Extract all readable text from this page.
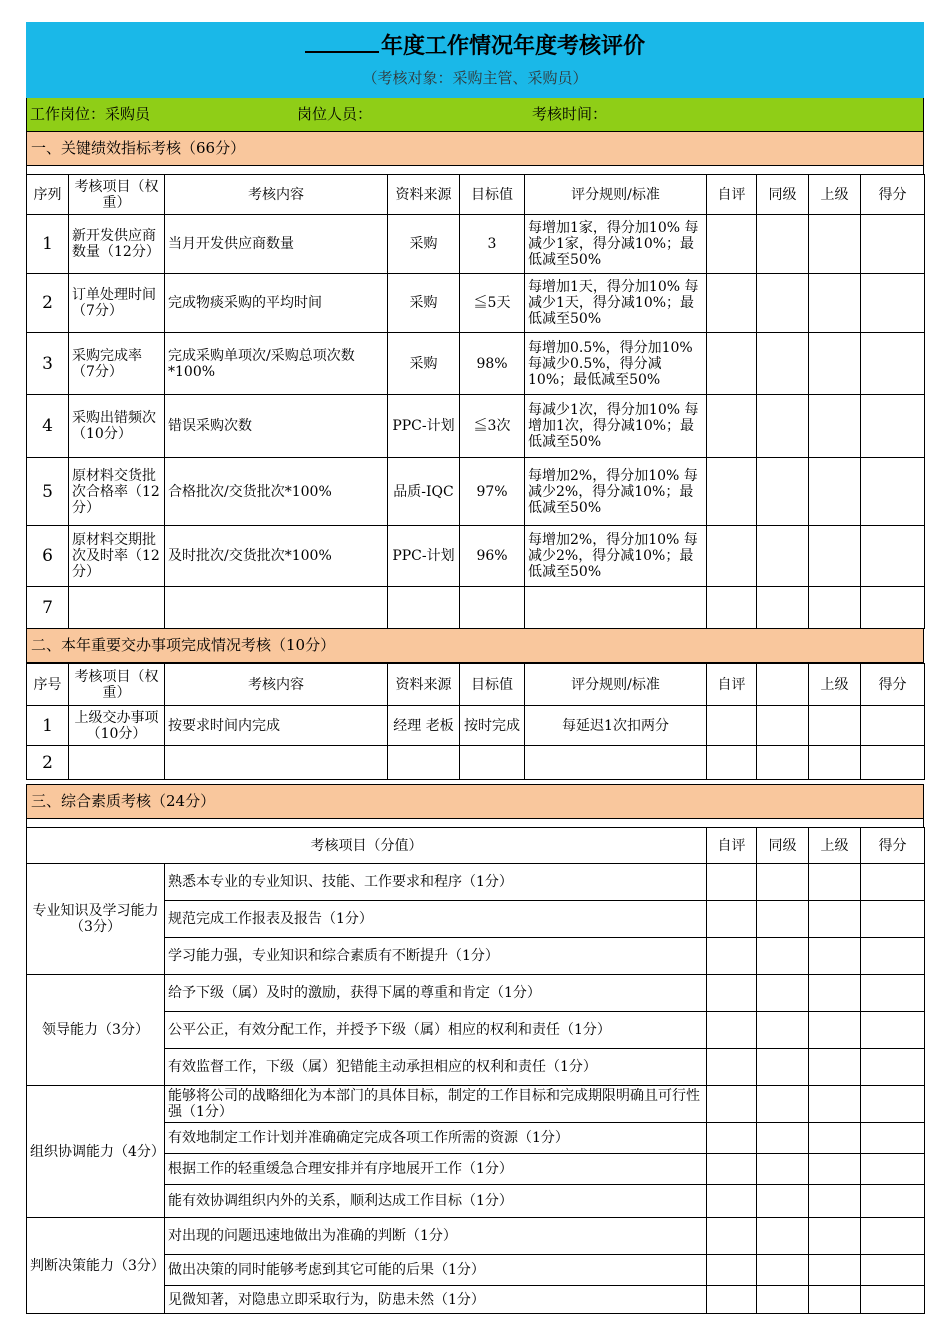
年度工作情况年度考核评价
（考核对象：采购主管、采购员）
工作岗位：采购员	岗位人员：	考核时间：
一、关键绩效指标考核（66分）
序列	考核项目（权重）	考核内容	资料来源	目标值	评分规则/标准	自评	同级	上级	得分
1	新开发供应商数量（12分）	当月开发供应商数量	采购	3	每增加1家，得分加10% 每减少1家，得分减10%；最低减至50%				
2	订单处理时间（7分）	完成物痰采购的平均时间	采购	≦5天	每增加1天，得分加10% 每减少1天，得分减10%；最低减至50%				
3	采购完成率（7分）	完成采购单项次/采购总项次数*100%	采购	98%	每增加0.5%，得分加10% 每减少0.5%，得分减10%；最低减至50%				
4	采购出错频次（10分）	错误采购次数	PPC-计划	≦3次	每减少1次，得分加10% 每增加1次，得分减10%；最低减至50%				
5	原材料交货批次合格率（12分）	合格批次/交货批次*100%	品质-IQC	97%	每增加2%，得分加10% 每减少2%，得分减10%；最低减至50%				
6	原材料交期批次及时率（12分）	及时批次/交货批次*100%	PPC-计划	96%	每增加2%，得分加10% 每减少2%，得分减10%；最低减至50%				
7									
二、本年重要交办事项完成情况考核（10分）
序号	考核项目（权重）	考核内容	资料来源	目标值	评分规则/标准	自评		上级	得分
1	上级交办事项（10分）	按要求时间内完成	经理 老板	按时完成	每延迟1次扣两分				
2									
三、综合素质考核（24分）
考核项目（分值）		自评	同级	上级	得分
专业知识及学习能力（3分）	熟悉本专业的专业知识、技能、工作要求和程序（1分）				
	规范完成工作报表及报告（1分）				
	学习能力强，专业知识和综合素质有不断提升（1分）				
领导能力（3分）	给予下级（属）及时的激励，获得下属的尊重和肯定（1分）				
	公平公正，有效分配工作，并授予下级（属）相应的权利和责任（1分）				
	有效监督工作，下级（属）犯错能主动承担相应的权利和责任（1分）				
组织协调能力（4分）	能够将公司的战略细化为本部门的具体目标，制定的工作目标和完成期限明确且可行性强（1分）				
	有效地制定工作计划并准确确定完成各项工作所需的资源（1分）				
	根据工作的轻重缓急合理安排并有序地展开工作（1分）				
	能有效协调组织内外的关系，顺利达成工作目标（1分）				
判断决策能力（3分）	对出现的问题迅速地做出为准确的判断（1分）				
	做出决策的同时能够考虑到其它可能的后果（1分）				
	见微知著，对隐患立即采取行为，防患未然（1分）				
